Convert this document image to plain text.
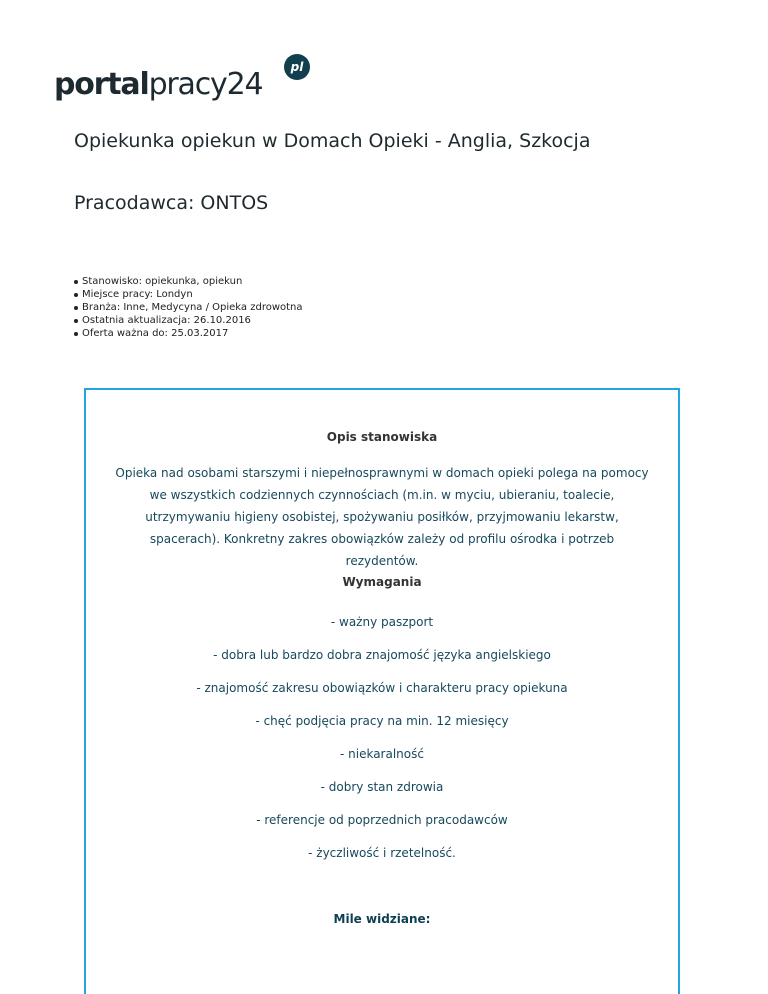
portal pracy24	pl
Opiekunka opiekun w Domach Opieki - Anglia, Szkocja
Pracodawca: ONTOS
Stanowisko: opiekunka, opiekun
Miejsce pracy: Londyn
Branża: Inne, Medycyna / Opieka zdrowotna
Ostatnia aktualizacja: 26.10.2016
Oferta ważna do: 25.03.2017
Opis stanowiska
Opieka nad osobami starszymi i niepełnosprawnymi w domach opieki polega na pomocy we wszystkich codziennych czynnościach (m.in. w myciu, ubieraniu, toalecie, utrzymywaniu higieny osobistej, spożywaniu posiłków, przyjmowaniu lekarstw, spacerach). Konkretny zakres obowiązków zależy od profilu ośrodka i potrzeb rezydentów.
Wymagania
- ważny paszport
- dobra lub bardzo dobra znajomość języka angielskiego
- znajomość zakresu obowiązków i charakteru pracy opiekuna
- chęć podjęcia pracy na min. 12 miesięcy
- niekaralność
- dobry stan zdrowia
- referencje od poprzednich pracodawców
- życzliwość i rzetelność.
Mile widziane:
